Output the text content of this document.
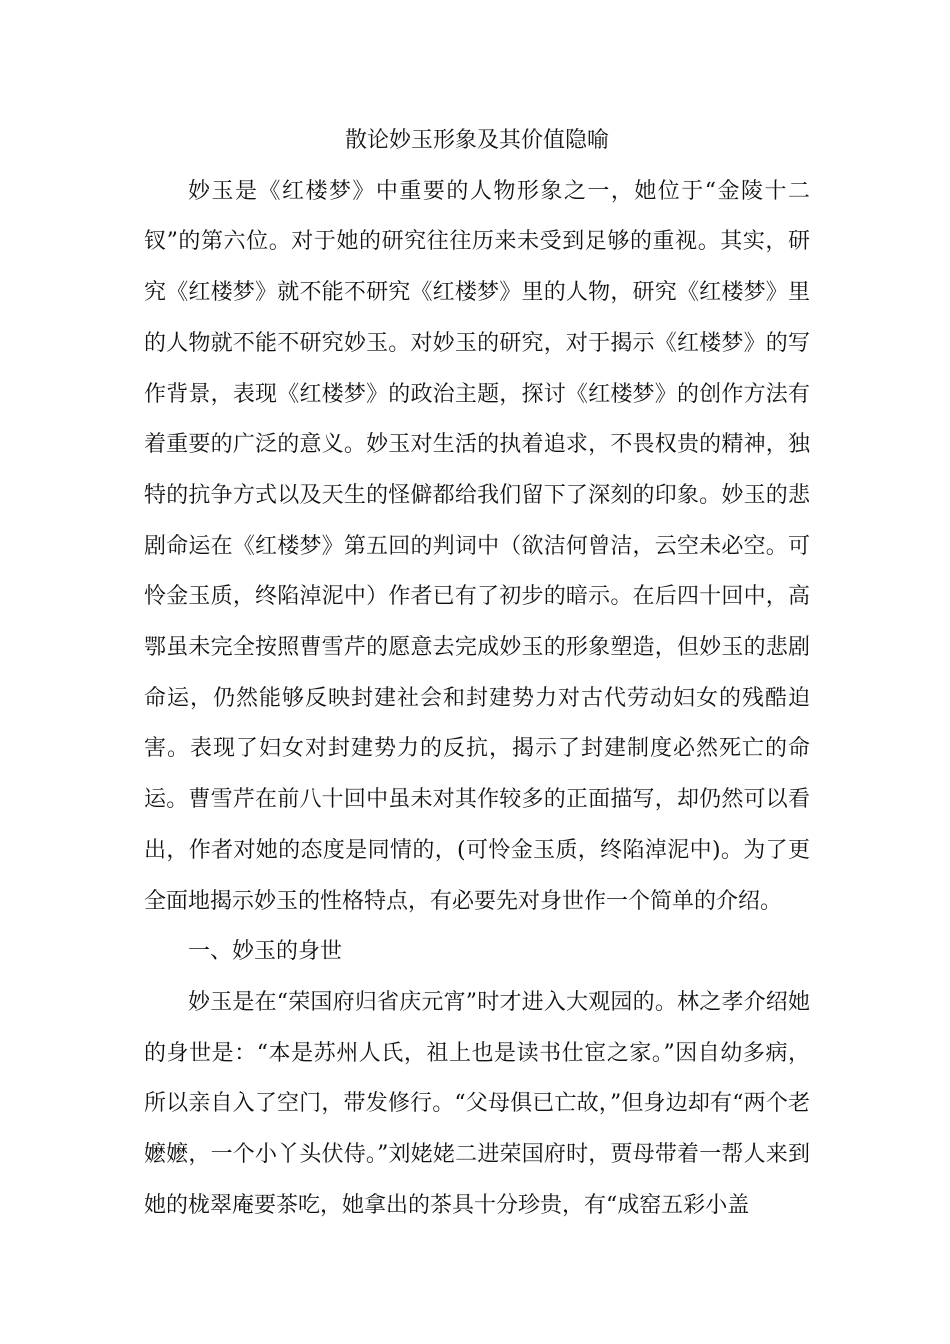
散论妙玉形象及其价值隐喻

妙玉是《红楼梦》中重要的人物形象之一，她位于“金陵十二钗”的第六位。对于她的研究往往历来未受到足够的重视。其实，研究《红楼梦》就不能不研究《红楼梦》里的人物，研究《红楼梦》里的人物就不能不研究妙玉。对妙玉的研究，对于揭示《红楼梦》的写作背景，表现《红楼梦》的政治主题，探讨《红楼梦》的创作方法有着重要的广泛的意义。妙玉对生活的执着追求，不畏权贵的精神，独特的抗争方式以及天生的怪僻都给我们留下了深刻的印象。妙玉的悲剧命运在《红楼梦》第五回的判词中（欲洁何曾洁，云空未必空。可怜金玉质，终陷淖泥中）作者已有了初步的暗示。在后四十回中，高鄂虽未完全按照曹雪芹的愿意去完成妙玉的形象塑造，但妙玉的悲剧命运，仍然能够反映封建社会和封建势力对古代劳动妇女的残酷迫害。表现了妇女对封建势力的反抗，揭示了封建制度必然死亡的命运。曹雪芹在前八十回中虽未对其作较多的正面描写，却仍然可以看出，作者对她的态度是同情的，(可怜金玉质，终陷淖泥中)。为了更全面地揭示妙玉的性格特点，有必要先对身世作一个简单的介绍。

一、妙玉的身世

妙玉是在“荣国府归省庆元宵”时才进入大观园的。林之孝介绍她的身世是：“本是苏州人氏，祖上也是读书仕宦之家。”因自幼多病，所以亲自入了空门，带发修行。“父母俱已亡故，”但身边却有“两个老嬷嬷，一个小丫头伏侍。”刘姥姥二进荣国府时，贾母带着一帮人来到她的栊翠庵要茶吃，她拿出的茶具十分珍贵，有“成窑五彩小盖
